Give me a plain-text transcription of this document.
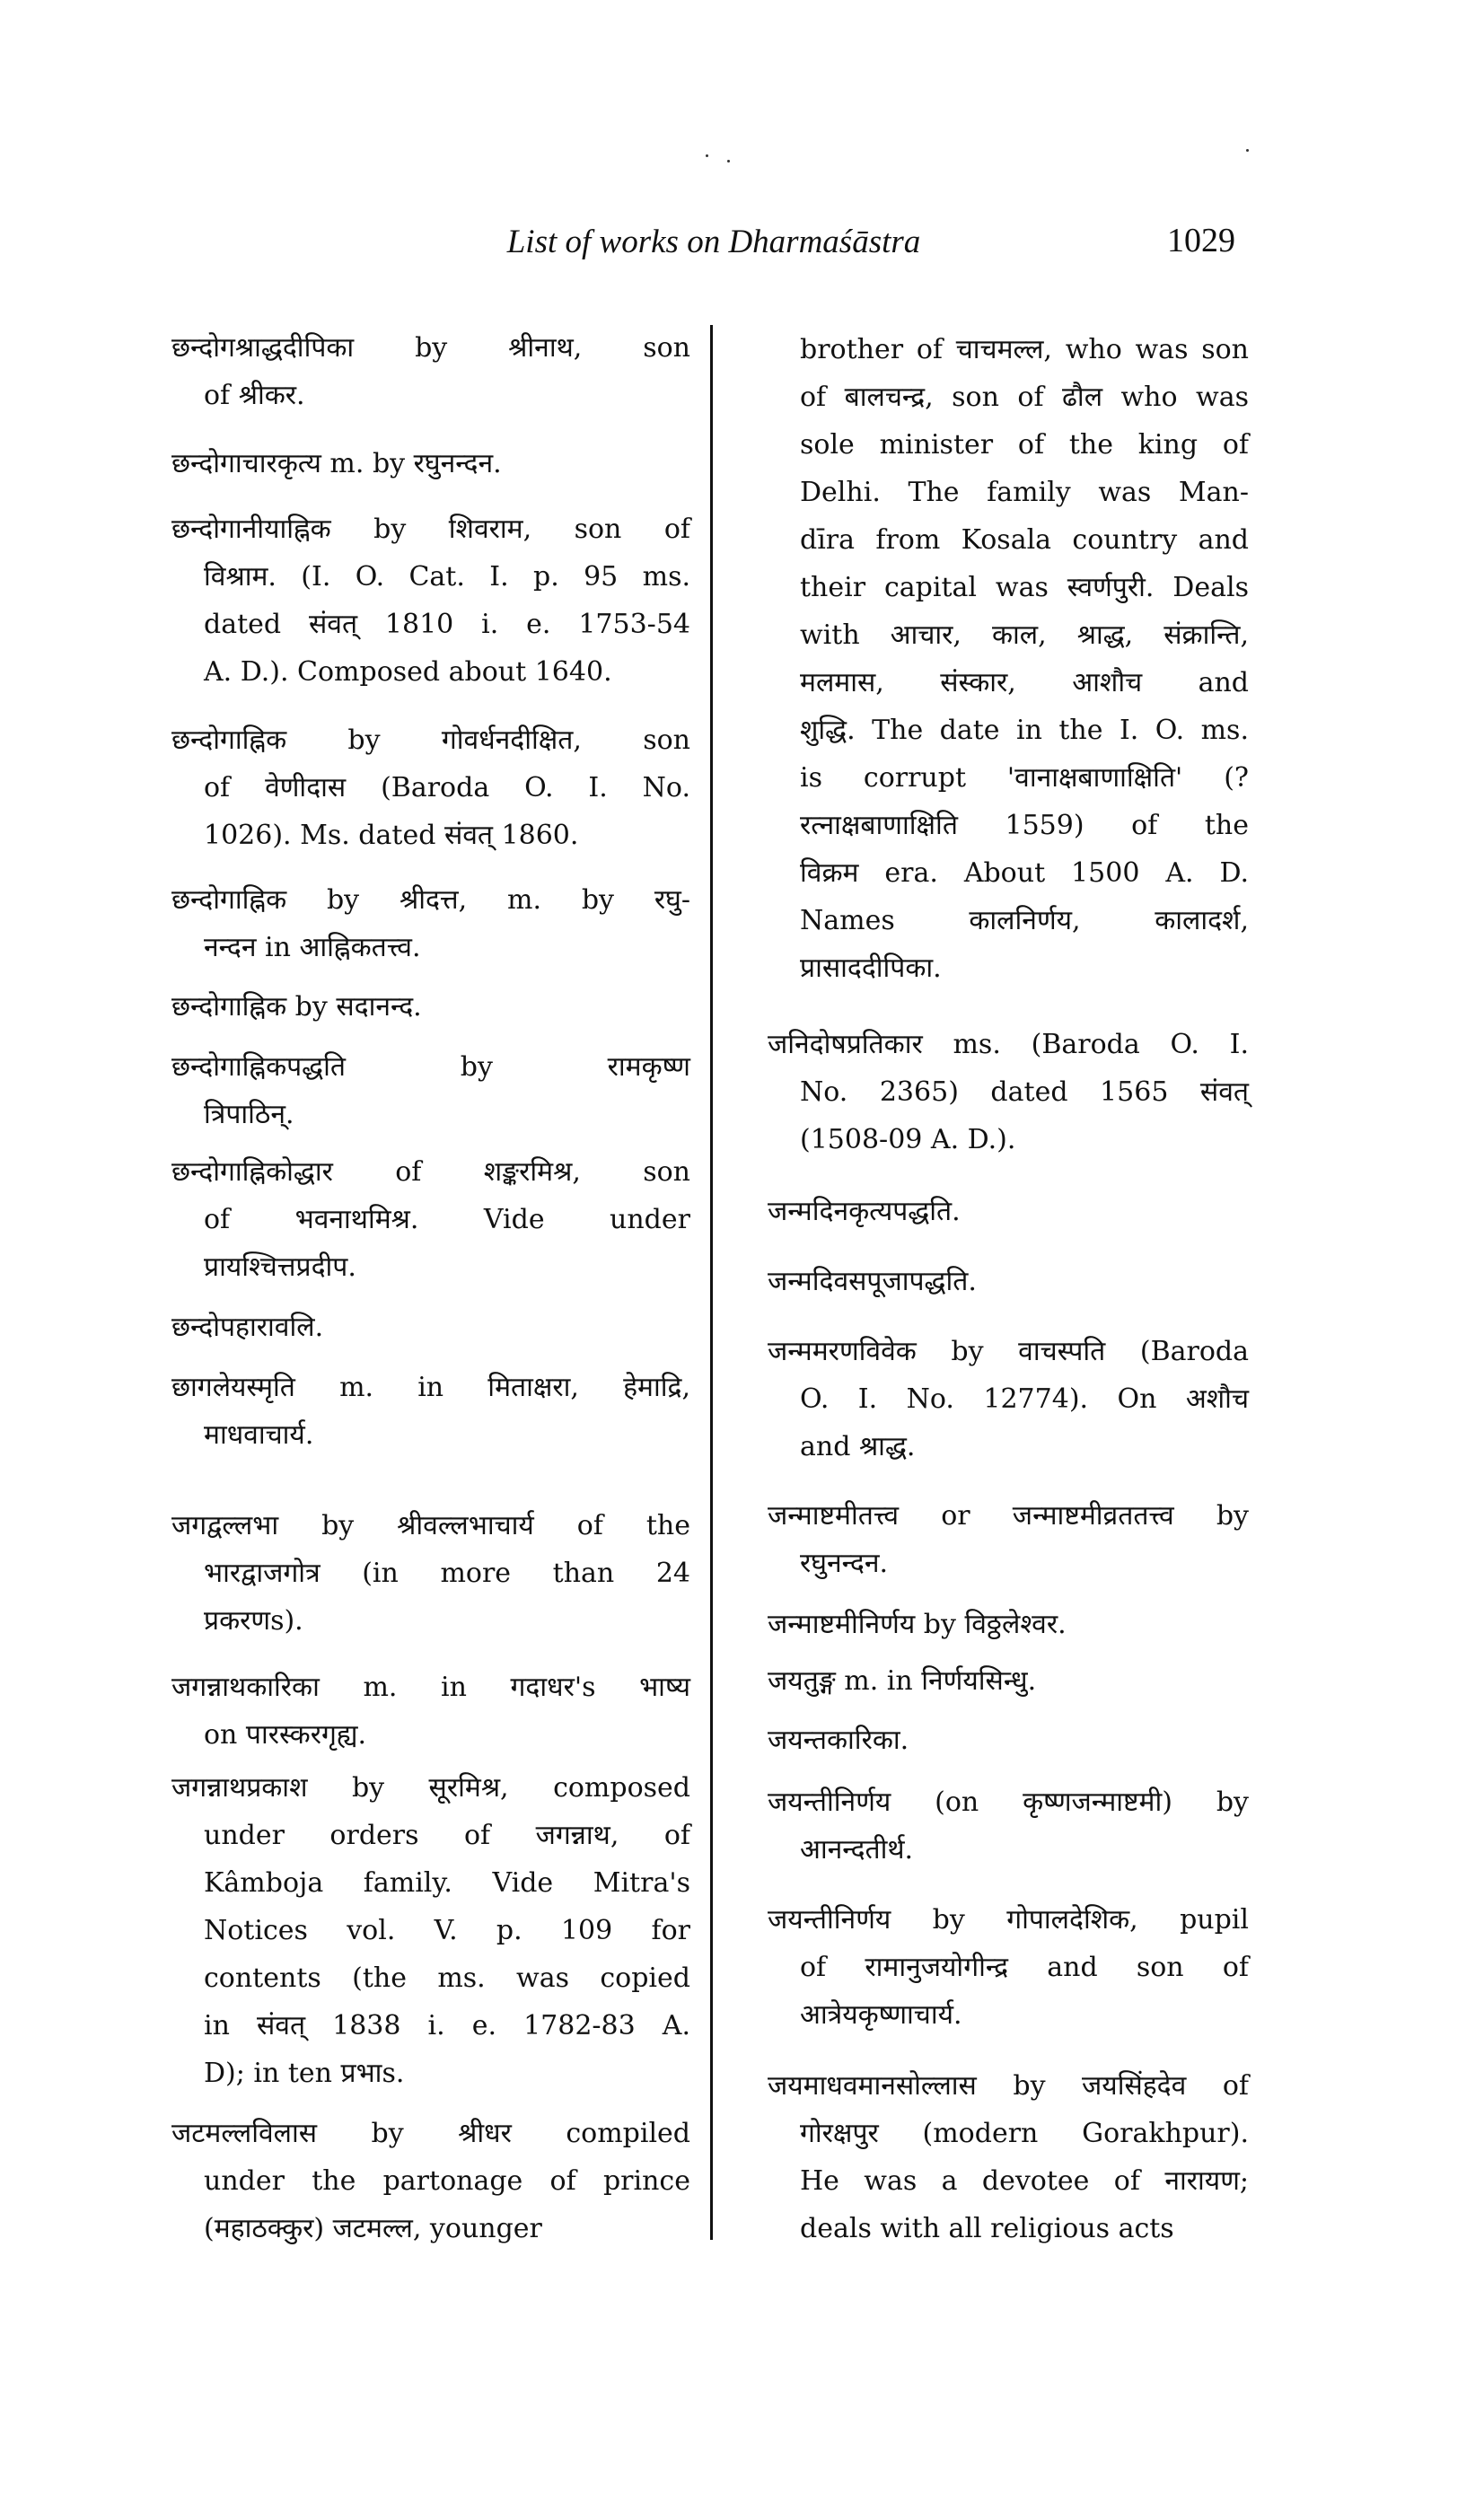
List of works on Dharmaśāstra	1029
छन्दोगश्राद्धदीपिका by श्रीनाथ, son
of श्रीकर.
छन्दोगाचारकृत्य m. by रघुनन्दन.
छन्दोगानीयाह्निक by शिवराम, son of
विश्राम. (I. O. Cat. I. p. 95 ms.
dated संवत् 1810 i. e. 1753-54
A. D.). Composed about 1640.
छन्दोगाह्निक by गोवर्धनदीक्षित, son
of वेणीदास (Baroda O. I. No.
1026). Ms. dated संवत् 1860.
छन्दोगाह्निक by श्रीदत्त, m. by रघु-
नन्दन in आह्निकतत्त्व.
छन्दोगाह्निक by सदानन्द.
छन्दोगाह्निकपद्धति by रामकृष्ण
त्रिपाठिन्.
छन्दोगाह्निकोद्धार of शङ्करमिश्र, son
of भवनाथमिश्र. Vide under
प्रायश्चित्तप्रदीप.
छन्दोपहारावलि.
छागलेयस्मृति m. in मिताक्षरा, हेमाद्रि,
माधवाचार्य.
जगद्वल्लभा by श्रीवल्लभाचार्य of the
भारद्वाजगोत्र (in more than 24
प्रकरणs).
जगन्नाथकारिका m. in गदाधर's भाष्य
on पारस्करगृह्य.
जगन्नाथप्रकाश by सूरमिश्र, composed
under orders of जगन्नाथ, of
Kâmboja family. Vide Mitra's
Notices vol. V. p. 109 for
contents (the ms. was copied
in संवत् 1838 i. e. 1782-83 A.
D); in ten प्रभाs.
जटमल्लविलास by श्रीधर compiled
under the partonage of prince
(महाठक्कुर) जटमल्ल, younger
brother of चाचमल्ल, who was son
of बालचन्द्र, son of ढौल who was
sole minister of the king of
Delhi. The family was Man-
dīra from Kosala country and
their capital was स्वर्णपुरी. Deals
with आचार, काल, श्राद्ध, संक्रान्ति,
मलमास, संस्कार, आशौच and
शुद्धि. The date in the I. O. ms.
is corrupt 'वानाक्षबाणाक्षिति' (?
रत्नाक्षबाणाक्षिति 1559) of the
विक्रम era. About 1500 A. D.
Names कालनिर्णय, कालादर्श,
प्रासाददीपिका.
जनिदोषप्रतिकार ms. (Baroda O. I.
No. 2365) dated 1565 संवत्
(1508-09 A. D.).
जन्मदिनकृत्यपद्धति.
जन्मदिवसपूजापद्धति.
जन्ममरणविवेक by वाचस्पति (Baroda
O. I. No. 12774). On अशौच
and श्राद्ध.
जन्माष्टमीतत्त्व or जन्माष्टमीव्रततत्त्व by
रघुनन्दन.
जन्माष्टमीनिर्णय by विठ्ठलेश्वर.
जयतुङ्ग m. in निर्णयसिन्धु.
जयन्तकारिका.
जयन्तीनिर्णय (on कृष्णजन्माष्टमी) by
आनन्दतीर्थ.
जयन्तीनिर्णय by गोपालदेशिक, pupil
of रामानुजयोगीन्द्र and son of
आत्रेयकृष्णाचार्य.
जयमाधवमानसोल्लास by जयसिंहदेव of
गोरक्षपुर (modern Gorakhpur).
He was a devotee of नारायण;
deals with all religious acts
